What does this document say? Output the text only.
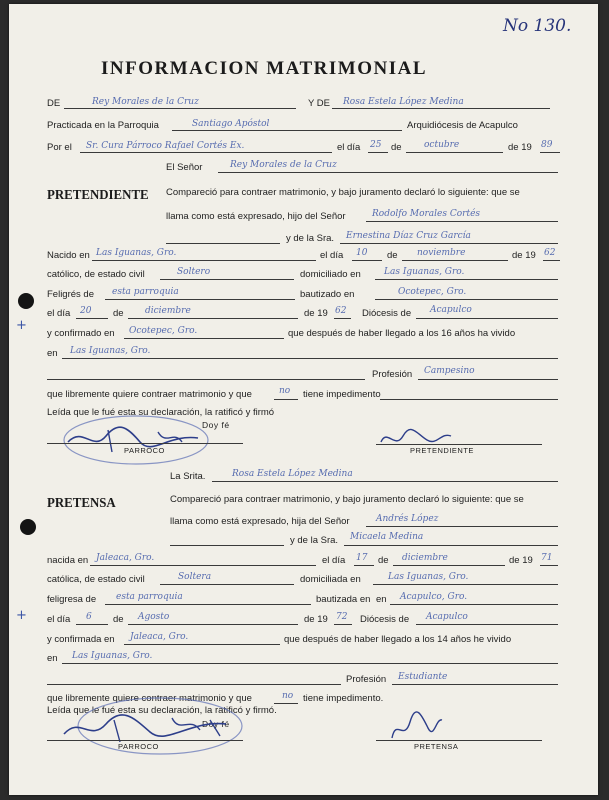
No 130.
INFORMACION MATRIMONIAL
DE	Rey Morales de la Cruz	Y DE Rosa Estela López Medina
Practicada en la Parroquia	Santiago Apóstol	Arquidiócesis de Acapulco
Por el Sr. Cura Párroco Rafael Cortés Ex.	el día 25 de octubre	de 19 89
El Señor	Rey Morales de la Cruz
PRETENDIENTE Compareció para contraer matrimonio, y bajo juramento declaró lo siguiente: que se
llama como está expresado, hijo del Señor	Rodolfo Morales Cortés
y de la Sra. Ernestina Díaz Cruz García
Nacido en Las Iguanas, Gro.	el día 10 de noviembre	de 19 62
católico, de estado civil	Soltero	domiciliado en	Las Iguanas, Gro.
Feligrés de esta parroquia	bautizado en	Ocotepec, Gro.
el día 20 de diciembre	de 19 62 Diócesis de Acapulco
+
y confirmado en Ocotepec, Gro.	que después de haber llegado a los 16 años ha vivido
en Las Iguanas, Gro.
Profesión Campesino
que libremente quiere contraer matrimonio y que	no tiene impedimento
Leída que le fué esta su declaración, la ratificó y firmó
Doy fé
PARROCO	PRETENDIENTE
La Srita.	Rosa Estela López Medina
PRETENSA	Compareció para contraer matrimonio, y bajo juramento declaró lo siguiente: que se
llama como está expresado, hija del Señor	Andrés López
y de la Sra. Micaela Medina
nacida en Jaleaca, Gro.	el día 17 de diciembre	de 19 71
católica, de estado civil	Soltera	domiciliada en	Las Iguanas, Gro.
feligresa de esta parroquia	bautizada en en Acapulco, Gro.
+ el día 6 de Agosto	de 19 72 Diócesis de Acapulco
y confirmada en Jaleaca, Gro.	que después de haber llegado a los 14 años he vivido
en Las Iguanas, Gro.
Profesión Estudiante
que libremente quiere contraer matrimonio y que	no tiene impedimento.
Leída que le fué esta su declaración, la ratificó y firmó.
Doy fé
PARROCO	PRETENSA
